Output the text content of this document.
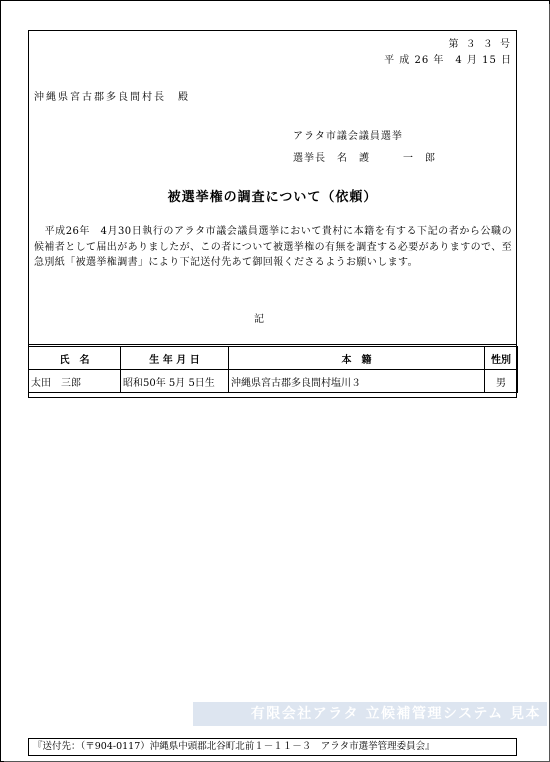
第 ３ ３ 号
平 成 26 年　4 月 15 日
沖縄県宮古郡多良間村長　殿
アラタ市議会議員選挙
選挙長　名　護　　　一　郎
被選挙権の調査について（依頼）
　平成26年　4月30日執行のアラタ市議会議員選挙において貴村に本籍を有する下記の者から公職の候補者として届出がありましたが、この者について被選挙権の有無を調査する必要がありますので、至急別紙「被選挙権調書」により下記送付先あて御回報くださるようお願いします。
記
氏　名	生 年 月 日	本　籍	性別
太田　三郎	昭和50年 5月 5日生	沖縄県宮古郡多良間村塩川３	男
有限会社アラタ 立候補管理システム 見本
『送付先：（〒904-0117）沖縄県中頭郡北谷町北前１－１１－３　アラタ市選挙管理委員会』
